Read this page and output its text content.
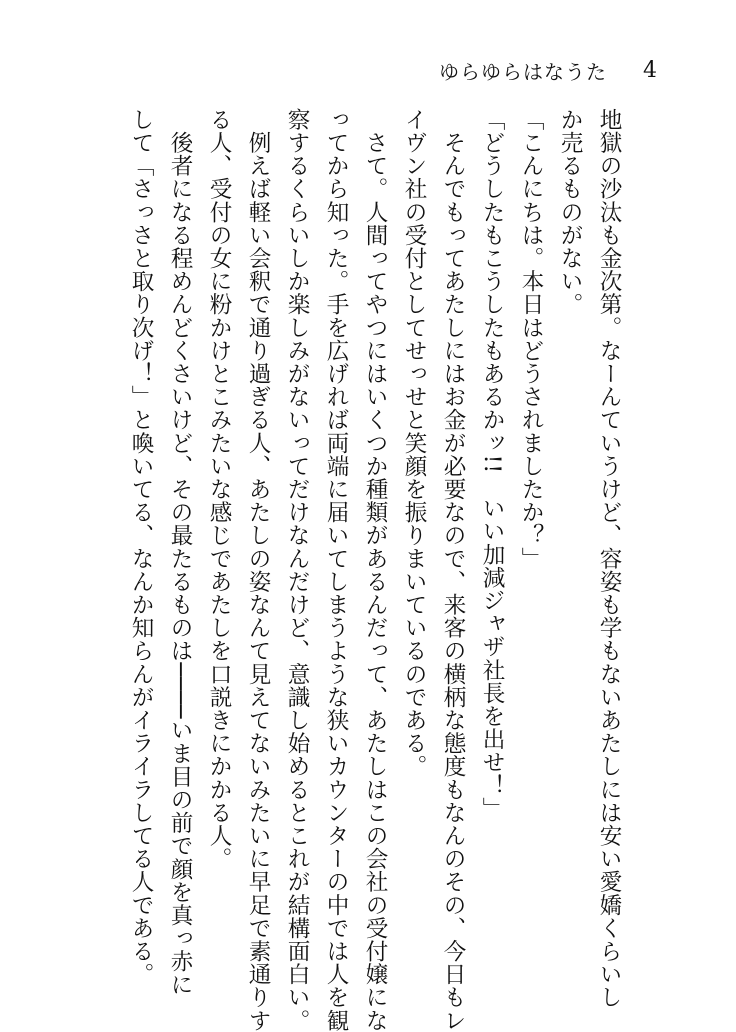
ゆらゆらはなうた 4
地獄の沙汰も金次第。なーんていうけど、容姿も学もないあたしには安い愛嬌くらいし
か売るものがない。
「こんにちは。本日はどうされましたか？」
「どうしたもこうしたもあるかッ!!　いい加減ジャザ社長を出せ！」
　そんでもってあたしにはお金が必要なので、来客の横柄な態度もなんのその、今日もレ
イヴン社の受付としてせっせと笑顔を振りまいているのである。
　さて。人間ってやつにはいくつか種類があるんだって、あたしはこの会社の受付嬢にな
ってから知った。手を広げれば両端に届いてしまうような狭いカウンターの中では人を観
察するくらいしか楽しみがないってだけなんだけど、意識し始めるとこれが結構面白い。
　例えば軽い会釈で通り過ぎる人、あたしの姿なんて見えてないみたいに早足で素通りす
る人、受付の女に粉かけとこみたいな感じであたしを口説きにかかる人。
　後者になる程めんどくさいけど、その最たるものは────いま目の前で顔を真っ赤に
して「さっさと取り次げ！」と喚いてる、なんか知らんがイライラしてる人である。
